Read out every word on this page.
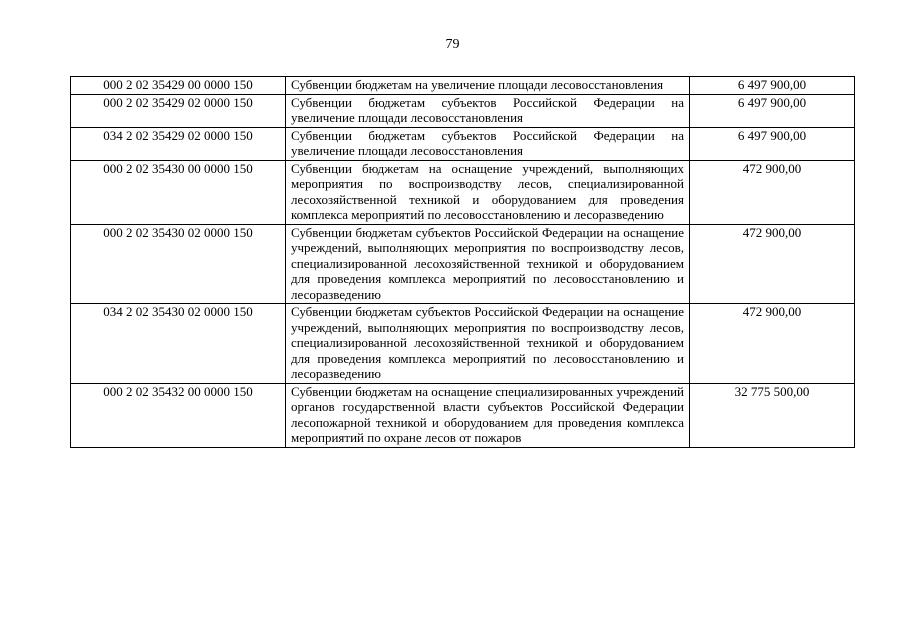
79
000 2 02 35429 00 0000 150	Субвенции бюджетам на увеличение площади лесовосстановления	6 497 900,00
000 2 02 35429 02 0000 150	Субвенции бюджетам субъектов Российской Федерации на увеличение площади лесовосстановления	6 497 900,00
034 2 02 35429 02 0000 150	Субвенции бюджетам субъектов Российской Федерации на увеличение площади лесовосстановления	6 497 900,00
000 2 02 35430 00 0000 150	Субвенции бюджетам на оснащение учреждений, выполняющих мероприятия по воспроизводству лесов, специализированной лесохозяйственной техникой и оборудованием для проведения комплекса мероприятий по лесовосстановлению и лесоразведению	472 900,00
000 2 02 35430 02 0000 150	Субвенции бюджетам субъектов Российской Федерации на оснащение учреждений, выполняющих мероприятия по воспроизводству лесов, специализированной лесохозяйственной техникой и оборудованием для проведения комплекса мероприятий по лесовосстановлению и лесоразведению	472 900,00
034 2 02 35430 02 0000 150	Субвенции бюджетам субъектов Российской Федерации на оснащение учреждений, выполняющих мероприятия по воспроизводству лесов, специализированной лесохозяйственной техникой и оборудованием для проведения комплекса мероприятий по лесовосстановлению и лесоразведению	472 900,00
000 2 02 35432 00 0000 150	Субвенции бюджетам на оснащение специализированных учреждений органов государственной власти субъектов Российской Федерации лесопожарной техникой и оборудованием для проведения комплекса мероприятий по охране лесов от пожаров	32 775 500,00
